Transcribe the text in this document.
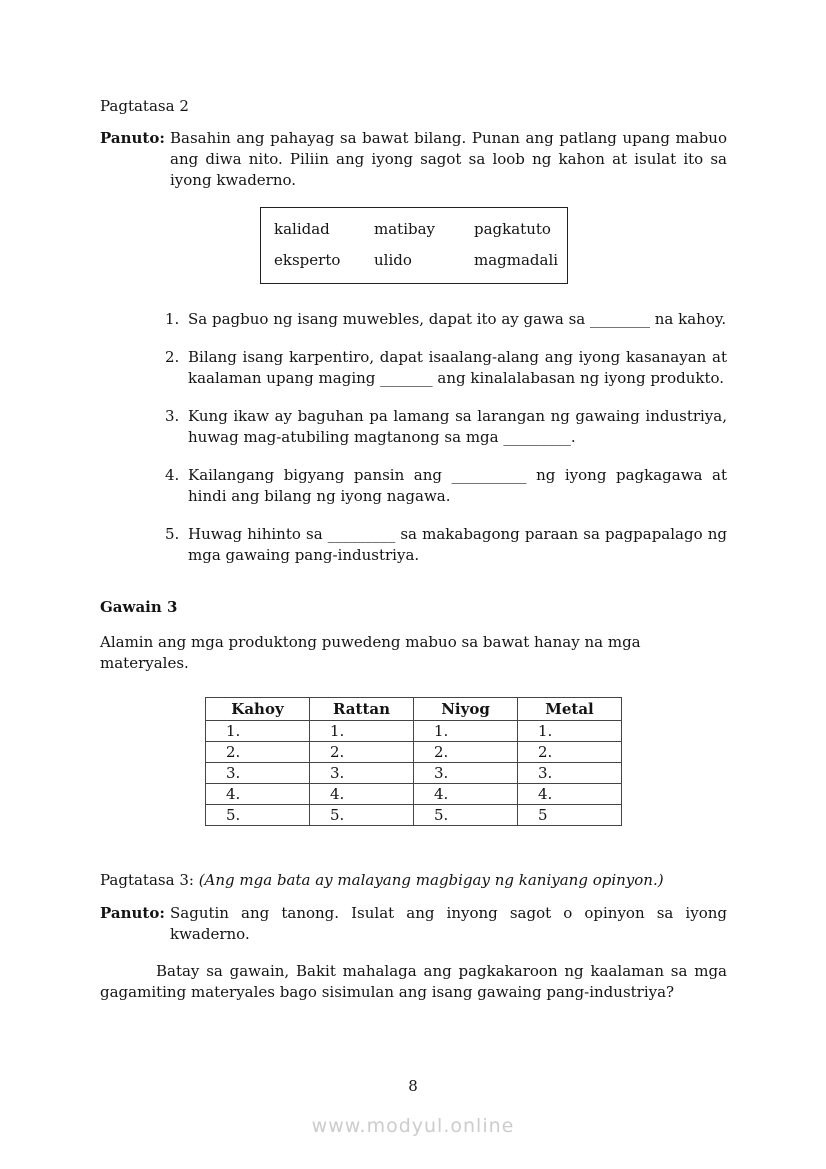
Pagtatasa 2
Panuto: Basahin ang pahayag sa bawat bilang. Punan ang patlang upang mabuo ang diwa nito. Piliin ang iyong sagot sa loob ng kahon at isulat ito sa iyong kwaderno.
kalidad	matibay	pagkatuto
eksperto	ulido	magmadali
1. Sa pagbuo ng isang muwebles, dapat ito ay gawa sa ________ na kahoy.
2. Bilang isang karpentiro, dapat isaalang-alang ang iyong kasanayan at kaalaman upang maging _______ ang kinalalabasan ng iyong produkto.
3. Kung ikaw ay baguhan pa lamang sa larangan ng gawaing industriya, huwag mag-atubiling magtanong sa mga _________.
4. Kailangang bigyang pansin ang __________ ng iyong pagkagawa at hindi ang bilang ng iyong nagawa.
5. Huwag hihinto sa _________ sa makabagong paraan sa pagpapalago ng mga gawaing pang-industriya.
Gawain 3
Alamin ang mga produktong puwedeng mabuo sa bawat hanay na mga materyales.
Kahoy	Rattan	Niyog	Metal
1.	1.	1.	1.
2.	2.	2.	2.
3.	3.	3.	3.
4.	4.	4.	4.
5.	5.	5.	5
Pagtatasa 3: (Ang mga bata ay malayang magbigay ng kaniyang opinyon.)
Panuto: Sagutin ang tanong. Isulat ang inyong sagot o opinyon sa iyong kwaderno.
Batay sa gawain, Bakit mahalaga ang pagkakaroon ng kaalaman sa mga gagamiting materyales bago sisimulan ang isang gawaing pang-industriya?
8
www.modyul.online
